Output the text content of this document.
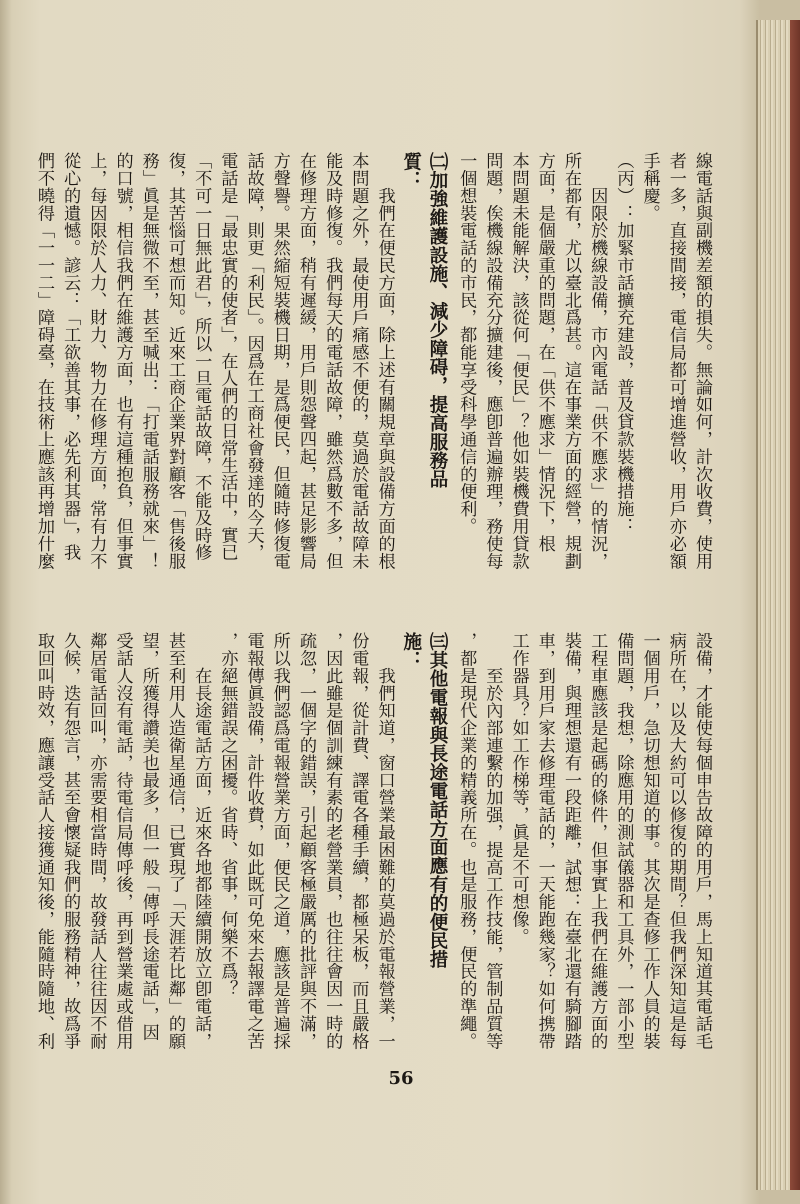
線電話與副機差額的損失。無論如何，計次收費，使用
者一多，直接間接，電信局都可增進營收，用戶亦必額
手稱慶。
（丙）：加緊市話擴充建設，普及貸款裝機措施：
　　因限於機線設備，市內電話「供不應求」的情況，
所在都有，尤以臺北爲甚。這在事業方面的經營，規劃
方面，是個嚴重的問題，在「供不應求」情況下，根
本問題未能解決，該從何「便民」？他如裝機費用貸款
問題，俟機線設備充分擴建後，應卽普遍辦理，務使每
一個想裝電話的市民，都能享受科學通信的便利。
㈡加強維護設施、減少障碍，提高服務品
質：
　　我們在便民方面，除上述有關規章與設備方面的根
本問題之外，最使用戶痛感不便的，莫過於電話故障未
能及時修復。我們每天的電話故障，雖然爲數不多，但
在修理方面，稍有遲緩，用戶則怨聲四起，甚足影響局
方聲譽。果然縮短裝機日期，是爲便民，但隨時修復電
話故障，則更「利民」。因爲在工商社會發達的今天，
電話是「最忠實的使者」，在人們的日常生活中，實已
「不可一日無此君」，所以一旦電話故障，不能及時修
復，其苦惱可想而知。近來工商企業界對顧客「售後服
務」眞是無微不至，甚至喊出：「打電話服務就來」！
的口號，相信我們在維護方面，也有這種抱負，但事實
上，每因限於人力、財力、物力在修理方面，常有力不
從心的遺憾。諺云：「工欲善其事，必先利其器」，我
們不曉得「一一二」障碍臺，在技術上應該再增加什麼
設備，才能使每個申告故障的用戶，馬上知道其電話毛
病所在，以及大約可以修復的期間？但我們深知這是每
一個用戶，急切想知道的事。其次是查修工作人員的裝
備問題，我想，除應用的測試儀器和工具外，一部小型
工程車應該是起碼的條件，但事實上我們在維護方面的
裝備，與理想還有一段距離，試想：在臺北還有騎腳踏
車，到用戶家去修理電話的，一天能跑幾家？如何携帶
工作器具？如工作梯等，眞是不可想像。
　　至於內部連繫的加强，提高工作技能，管制品質等
，都是現代企業的精義所在。也是服務，便民的準繩。
㈢其他電報與長途電話方面應有的便民措
施：
　　我們知道，窗口營業最困難的莫過於電報營業，一
份電報，從計費、譯電各種手續，都極呆板，而且嚴格
，因此雖是個訓練有素的老營業員，也往往會因一時的
疏忽，一個字的錯誤，引起顧客極嚴厲的批評與不滿，
所以我們認爲電報營業方面，便民之道，應該是普遍採
電報傳眞設備，計件收費，如此既可免來去報譯電之苦
，亦絕無錯誤之困擾。省時、省事，何樂不爲？
　　在長途電話方面，近來各地都陸續開放立卽電話，
甚至利用人造衛星通信，已實現了「天涯若比鄰」的願
望，所獲得讚美也最多，但一般「傳呼長途電話」，因
受話人沒有電話，待電信局傳呼後，再到營業處或借用
鄰居電話回叫，亦需要相當時間，故發話人往往因不耐
久候，迭有怨言，甚至會懷疑我們的服務精神，故爲爭
取回叫時效，應讓受話人接獲通知後，能隨時隨地、利
56
